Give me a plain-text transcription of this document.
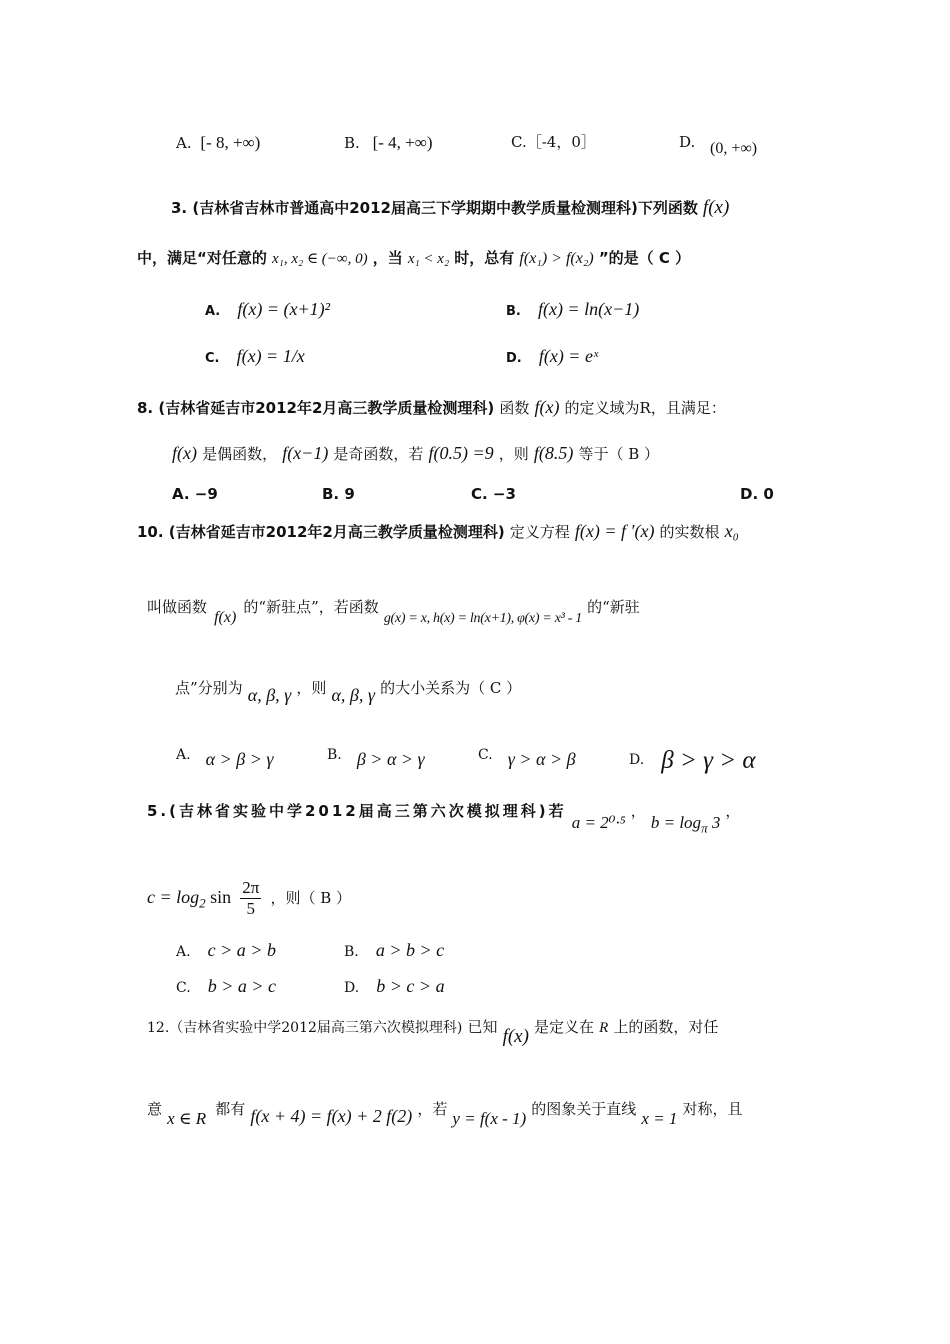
A. [- 8, +∞)	B. [- 4, +∞)	C.［-4，0］	D. (0, +∞)
3. (吉林省吉林市普通高中2012届高三下学期期中教学质量检测理科)下列函数 f(x)
中，满足“对任意的 x₁, x₂ ∈ (−∞, 0) ，当 x₁ < x₂ 时，总有 f(x₁) > f(x₂) ”的是（ C ）
A. f(x) = (x+1)²	B. f(x) = ln(x−1)
C. f(x) = 1/x	D. f(x) = eˣ
8. (吉林省延吉市2012年2月高三教学质量检测理科) 函数 f(x) 的定义域为R，且满足：
f(x) 是偶函数， f(x−1) 是奇函数，若 f(0.5) =9 ，则 f(8.5) 等于（ B ）
A. −9	B. 9	C. −3	D. 0
10. (吉林省延吉市2012年2月高三教学质量检测理科) 定义方程 f(x) = f ′(x) 的实数根 x₀
叫做函数 f(x) 的“新驻点”，若函数 g(x) = x, h(x) = ln(x+1), φ(x) = x³ - 1 的“新驻
点”分别为 α, β, γ ，则 α, β, γ 的大小关系为（ C ）
A. α > β > γ	B. β > α > γ	C. γ > α > β	D. β > γ > α
5.(吉林省实验中学2012届高三第六次模拟理科)若 a = 2⁰·⁵ ， $b = \log_\pi 3$ ，
$c = \log_2 \sin \frac{2\pi}{5}$ ，则（ B ）
A. c > a > b	B. a > b > c
C. b > a > c	D. b > c > a
12.（吉林省实验中学2012届高三第六次模拟理科) 已知 f(x) 是定义在 R 上的函数，对任
意 x ∈ R 都有 f(x + 4) = f(x) + 2 f(2) ，若 y = f(x - 1) 的图象关于直线 x = 1 对称，且
